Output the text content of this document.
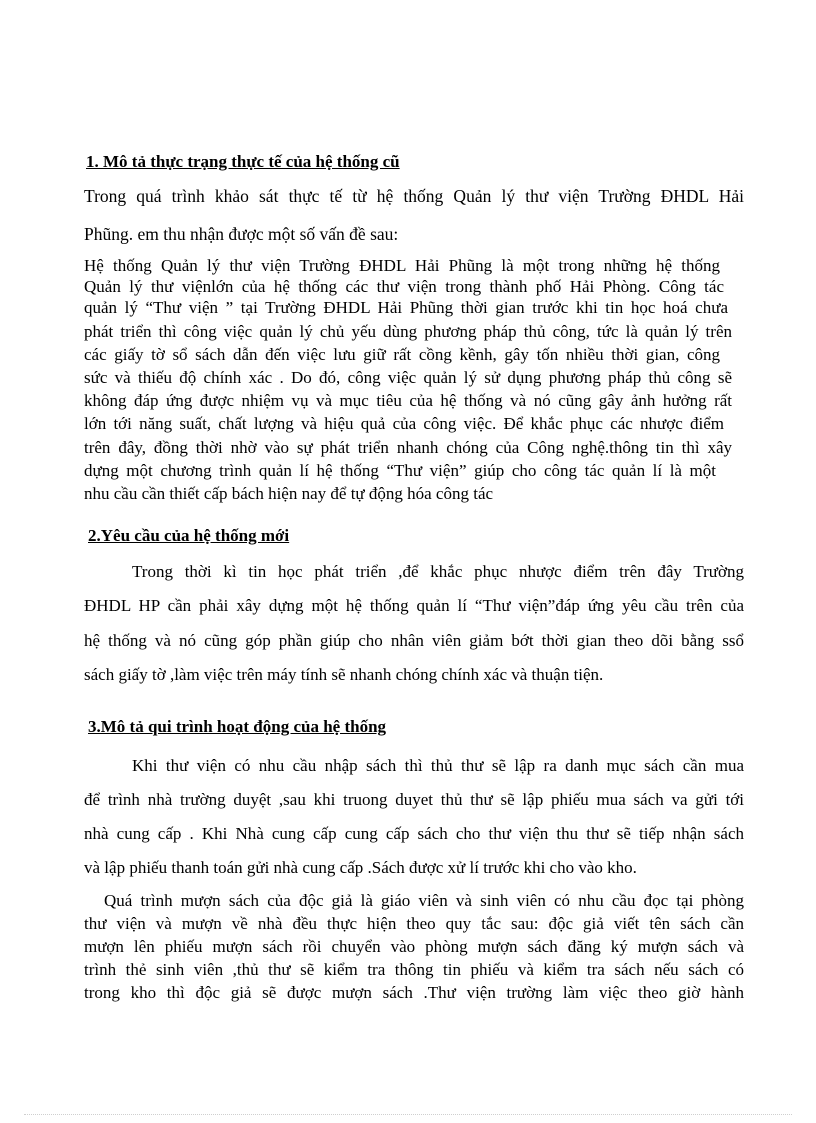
1. Mô tả thực trạng thực tế của hệ thống cũ
Trong quá trình khảo sát thực tế từ hệ thống Quản lý thư viện Trường ĐHDL Hải
Phũng. em thu nhận được một số vấn đề sau:
Hệ thống Quản lý thư viện Trường ĐHDL Hải Phũng là một trong những hệ thống
Quản lý thư việnlớn của hệ thống các thư viện trong thành phố Hải Phòng. Công tác
quản lý “Thư viện ” tại Trường ĐHDL Hải Phũng thời gian trước khi tin học hoá chưa
phát triển thì công việc quản lý chủ yếu dùng phương pháp thủ công, tức là quản lý trên
các giấy tờ sổ sách dẫn đến việc lưu giữ rất cồng kềnh, gây tốn nhiều thời gian, công
sức và thiếu độ chính xác . Do đó, công việc quản lý sử dụng phương pháp thủ công sẽ
không đáp ứng được nhiệm vụ và mục tiêu của hệ thống và nó cũng gây ảnh hưởng rất
lớn tới năng suất, chất lượng và hiệu quả của công việc. Để khắc phục các nhược điểm
trên đây, đồng thời nhờ vào sự phát triển nhanh chóng của Công nghệ.thông tin thì xây
dựng một chương trình quản lí hệ thống “Thư viện” giúp cho công tác quản lí là một
nhu cầu cần thiết cấp bách hiện nay để tự động hóa công tác
2.Yêu cầu của hệ thống mới
Trong thời kì tin học phát triển ,để khắc phục nhược điểm trên đây Trường
ĐHDL HP cần phải xây dựng một hệ thống quản lí “Thư viện”đáp ứng yêu cầu trên của
hệ thống và nó cũng góp phần giúp cho nhân viên giảm bớt thời gian theo dõi bằng ssổ
sách giấy tờ ,làm việc trên máy tính sẽ nhanh chóng chính xác và thuận tiện.
3.Mô tả qui trình hoạt động của hệ thống
Khi thư viện có nhu cầu nhập sách thì thủ thư sẽ lập ra danh mục sách cần mua
để trình nhà trường duyệt ,sau khi truong duyet thủ thư sẽ lập phiếu mua sách va gửi tới
nhà cung cấp . Khi Nhà cung cấp cung cấp sách cho thư viện thu thư sẽ tiếp nhận sách
và lập phiếu thanh toán gửi nhà cung cấp .Sách được xử lí trước khi cho vào kho.
Quá trình mượn sách của độc giả là giáo viên và sinh viên có nhu cầu đọc tại phòng
thư viện và mượn về nhà đều thực hiện theo quy tắc sau: độc giả viết tên sách cần
mượn lên phiếu mượn sách rồi chuyển vào phòng mượn sách đăng ký mượn sách và
trình thẻ sinh viên ,thủ thư sẽ kiểm tra thông tin phiếu và kiểm tra sách nếu sách có
trong kho thì độc giả sẽ được mượn sách .Thư viện trường làm việc theo giờ hành
